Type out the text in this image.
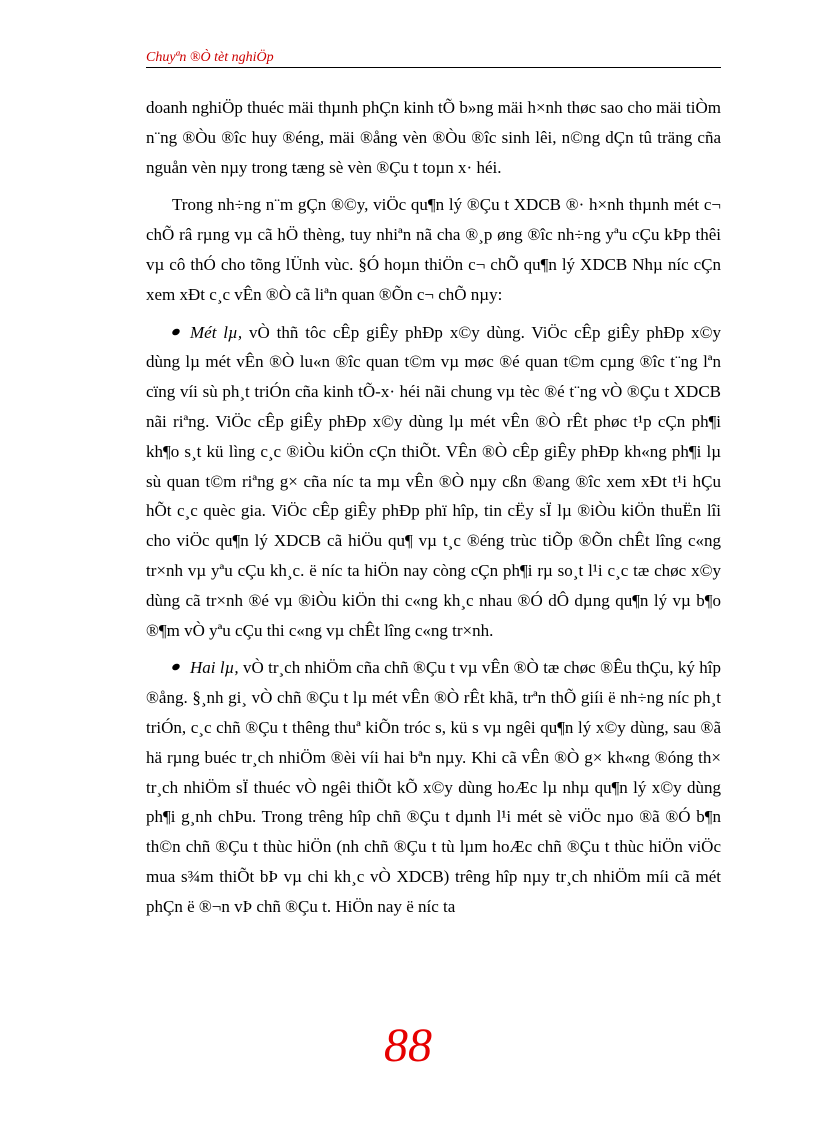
Chuyªn ®Ò tèt nghiÖp

doanh nghiÖp thuéc mäi thµnh phÇn kinh tÕ b»ng mäi h×nh thøc sao cho mäi tiÒm n¨ng ®Òu ®îc huy ®éng, mäi ®ång vèn ®Òu ®îc sinh lêi, n©ng dÇn tû träng cña nguån vèn nµy trong tæng sè vèn ®Çu t toµn x· héi.

Trong nh÷ng n¨m gÇn ®©y, viÖc qu¶n lý ®Çu t XDCB ®· h×nh thµnh mét c¬ chÕ râ rµng vµ cã hÖ thèng, tuy nhiªn nã cha ®¸p øng ®îc nh÷ng yªu cÇu kÞp thêi vµ cô thÓ cho tõng lÜnh vùc. §Ó hoµn thiÖn c¬ chÕ qu¶n lý XDCB Nhµ níc cÇn xem xÐt c¸c vÊn ®Ò cã liªn quan ®Õn c¬ chÕ nµy:

Mét lµ, vÒ thñ tôc cÊp giÊy phÐp x©y dùng. ViÖc cÊp giÊy phÐp x©y dùng lµ mét vÊn ®Ò lu«n ®îc quan t©m vµ møc ®é quan t©m cµng ®îc t¨ng lªn cïng víi sù ph¸t triÓn cña kinh tÕ-x· héi nãi chung vµ tèc ®é t¨ng vÒ ®Çu t XDCB nãi riªng. ViÖc cÊp giÊy phÐp x©y dùng lµ mét vÊn ®Ò rÊt phøc t¹p cÇn ph¶i kh¶o s¸t kü lìng c¸c ®iÒu kiÖn cÇn thiÕt. VÊn ®Ò cÊp giÊy phÐp kh«ng ph¶i lµ sù quan t©m riªng g× cña níc ta mµ vÊn ®Ò nµy cßn ®ang ®îc xem xÐt t¹i hÇu hÕt c¸c quèc gia. ViÖc cÊp giÊy phÐp phï hîp, tin cËy sÏ lµ ®iÒu kiÖn thuËn lîi cho viÖc qu¶n lý XDCB cã hiÖu qu¶ vµ t¸c ®éng trùc tiÕp ®Õn chÊt lîng c«ng tr×nh vµ yªu cÇu kh¸c. ë níc ta hiÖn nay còng cÇn ph¶i rµ so¸t l¹i c¸c tæ chøc x©y dùng cã tr×nh ®é vµ ®iÒu kiÖn thi c«ng kh¸c nhau ®Ó dÔ dµng qu¶n lý vµ b¶o ®¶m vÒ yªu cÇu thi c«ng vµ chÊt lîng c«ng tr×nh.

Hai lµ, vÒ tr¸ch nhiÖm cña chñ ®Çu t vµ vÊn ®Ò tæ chøc ®Êu thÇu, ký hîp ®ång. §¸nh gi¸ vÒ chñ ®Çu t lµ mét vÊn ®Ò rÊt khã, trªn thÕ giíi ë nh÷ng níc ph¸t triÓn, c¸c chñ ®Çu t thêng thuª kiÕn tróc s, kü s vµ ngêi qu¶n lý x©y dùng, sau ®ã hä rµng buéc tr¸ch nhiÖm ®èi víi hai bªn nµy. Khi cã vÊn ®Ò g× kh«ng ®óng th× tr¸ch nhiÖm sÏ thuéc vÒ ngêi thiÕt kÕ x©y dùng hoÆc lµ nhµ qu¶n lý x©y dùng ph¶i g¸nh chÞu. Trong trêng hîp chñ ®Çu t dµnh l¹i mét sè viÖc nµo ®ã ®Ó b¶n th©n chñ ®Çu t thùc hiÖn (nh chñ ®Çu t tù lµm hoÆc chñ ®Çu t thùc hiÖn viÖc mua s¾m thiÕt bÞ vµ chi kh¸c vÒ XDCB) trêng hîp nµy tr¸ch nhiÖm míi cã mét phÇn ë ®¬n vÞ chñ ®Çu t. HiÖn nay ë níc ta

88
